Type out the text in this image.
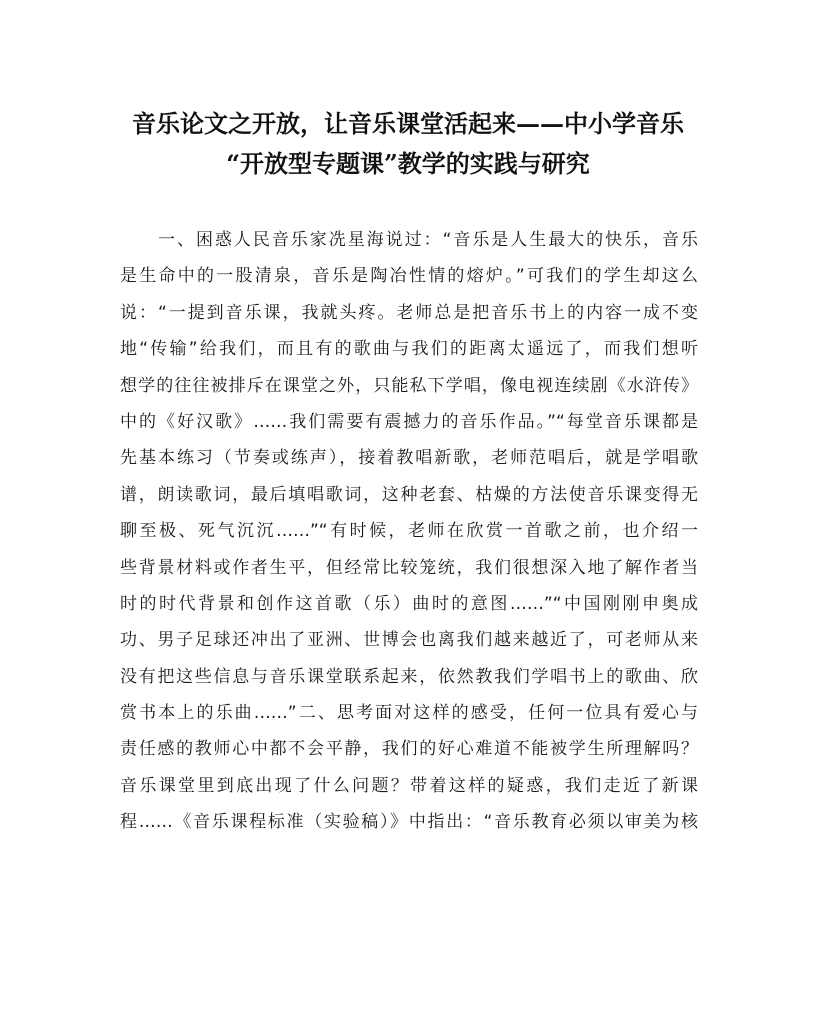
音乐论文之开放，让音乐课堂活起来——中小学音乐
“开放型专题课”教学的实践与研究
一、困惑人民音乐家冼星海说过：“音乐是人生最大的快乐，音乐
是生命中的一股清泉，音乐是陶冶性情的熔炉。”可我们的学生却这么
说：“一提到音乐课，我就头疼。老师总是把音乐书上的内容一成不变
地“传输”给我们，而且有的歌曲与我们的距离太遥远了，而我们想听
想学的往往被排斥在课堂之外，只能私下学唱，像电视连续剧《水浒传》
中的《好汉歌》……我们需要有震撼力的音乐作品。”“每堂音乐课都是
先基本练习（节奏或练声），接着教唱新歌，老师范唱后，就是学唱歌
谱，朗读歌词，最后填唱歌词，这种老套、枯燥的方法使音乐课变得无
聊至极、死气沉沉……”“有时候，老师在欣赏一首歌之前，也介绍一
些背景材料或作者生平，但经常比较笼统，我们很想深入地了解作者当
时的时代背景和创作这首歌（乐）曲时的意图……”“中国刚刚申奥成
功、男子足球还冲出了亚洲、世博会也离我们越来越近了，可老师从来
没有把这些信息与音乐课堂联系起来，依然教我们学唱书上的歌曲、欣
赏书本上的乐曲……”二、思考面对这样的感受，任何一位具有爱心与
责任感的教师心中都不会平静，我们的好心难道不能被学生所理解吗？
音乐课堂里到底出现了什么问题？带着这样的疑惑，我们走近了新课
程……《音乐课程标准（实验稿）》中指出：“音乐教育必须以审美为核
